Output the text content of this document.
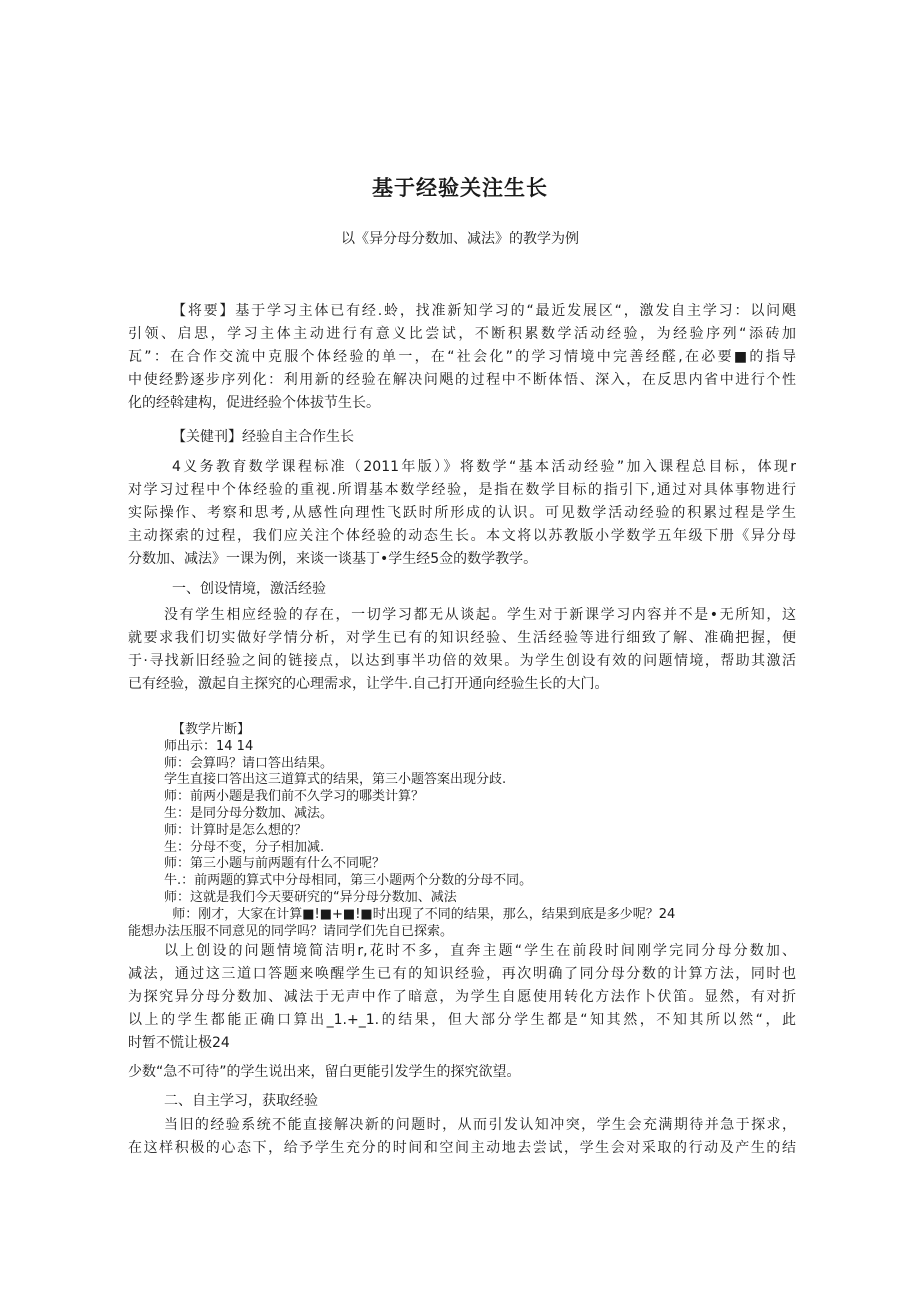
基于经验关注生长
以《异分母分数加、减法》的教学为例
【将要】基于学习主体已有经.蛉，找准新知学习的“最近发展区“，激发自主学习：以问飓
引领、启思，学习主体主动进行有意义比尝试，不断积累数学活动经验，为经验序列“添砖加
瓦”：在合作交流中克服个体经验的单一，在“社会化”的学习情境中完善经醛,在必要■的指导
中使经黔逐步序列化：利用新的经验在解决问飓的过程中不断体悟、深入，在反思内省中进行个性
化的经斡建构，促进经验个体拔节生长。
【关健刊】经验自主合作生长
4义务教育数学课程标准（2011年版）》将数学“基本活动经验”加入课程总目标，体现r
对学习过程中个体经验的重视.所谓基本数学经验，是指在数学目标的指引下,通过对具体事物进行
实际操作、考察和思考,从感性向理性飞跃时所形成的认识。可见数学活动经验的积累过程是学生
主动探索的过程，我们应关注个体经验的动态生长。本文将以苏教版小学数学五年级下册《异分母
分数加、减法》一课为例，来谈一谈基丁•学生经5佥的数学教学。
一、创设情境，激活经验
没有学生相应经验的存在，一切学习都无从谈起。学生对于新课学习内容并不是•无所知，这
就要求我们切实做好学情分析，对学生已有的知识经验、生活经验等进行细致了解、准确把握，便
于·寻找新旧经验之间的链接点，以达到事半功倍的效果。为学生创设有效的问题情境，帮助其激活
已有经验，激起自主探究的心理需求，让学牛.自己打开通向经验生长的大门。
【教学片断】
师出示：14 14
师：会算吗？请口答出结果。
学生直接口答出这三道算式的结果，第三小题答案出现分歧.
师：前两小题是我们前不久学习的哪类计算？
生：是同分母分数加、减法。
师：计算时是怎么想的？
生：分母不变，分子相加减.
师：第三小题与前两题有什么不同呢？
牛.：前两题的算式中分母相同，第三小题两个分数的分母不同。
师：这就是我们今天要研究的“异分母分数加、减法
师：刚才，大家在计算■!■+■!■时出现了不同的结果，那么，结果到底是多少呢？24
能想办法压服不同意见的同学吗？请同学们先自已探索。
以上创设的问题情境简洁明r,花时不多，直奔主题“学生在前段时间刚学完同分母分数加、
减法，通过这三道口答题来唤醒学生已有的知识经验，再次明确了同分母分数的计算方法，同时也
为探究异分母分数加、减法于无声中作了暗意，为学生自愿使用转化方法作卜伏笛。显然，有对折
以上的学生都能正确口算出_1.+_1.的结果，但大部分学生都是“知其然，不知其所以然“，此
时暂不慌让极24
少数“急不可待”的学生说出来，留白更能引发学生的探究欲望。
二、自主学习，获取经验
当旧的经验系统不能直接解决新的问题时，从而引发认知冲突，学生会充满期待并急于探求，
在这样积极的心态下，给予学生充分的时间和空间主动地去尝试，学生会对采取的行动及产生的结
